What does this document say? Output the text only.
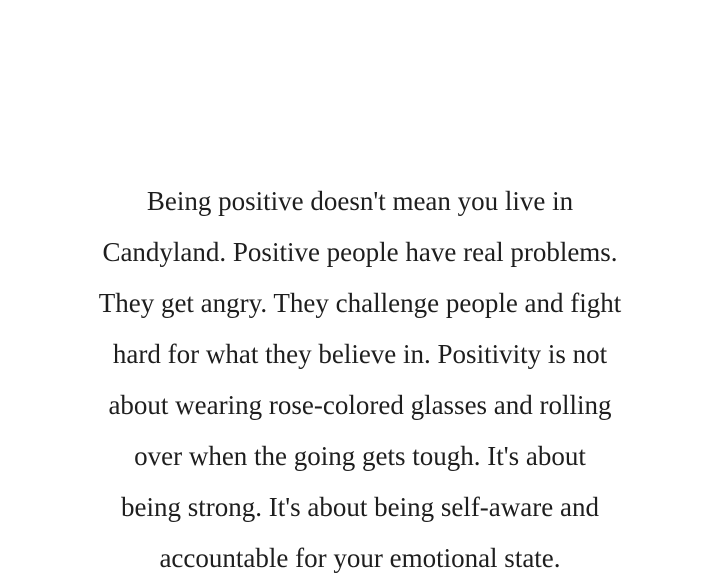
Being positive doesn't mean you live in
Candyland. Positive people have real problems.
They get angry. They challenge people and fight
hard for what they believe in. Positivity is not
about wearing rose-colored glasses and rolling
over when the going gets tough. It's about
being strong. It's about being self-aware and
accountable for your emotional state.
